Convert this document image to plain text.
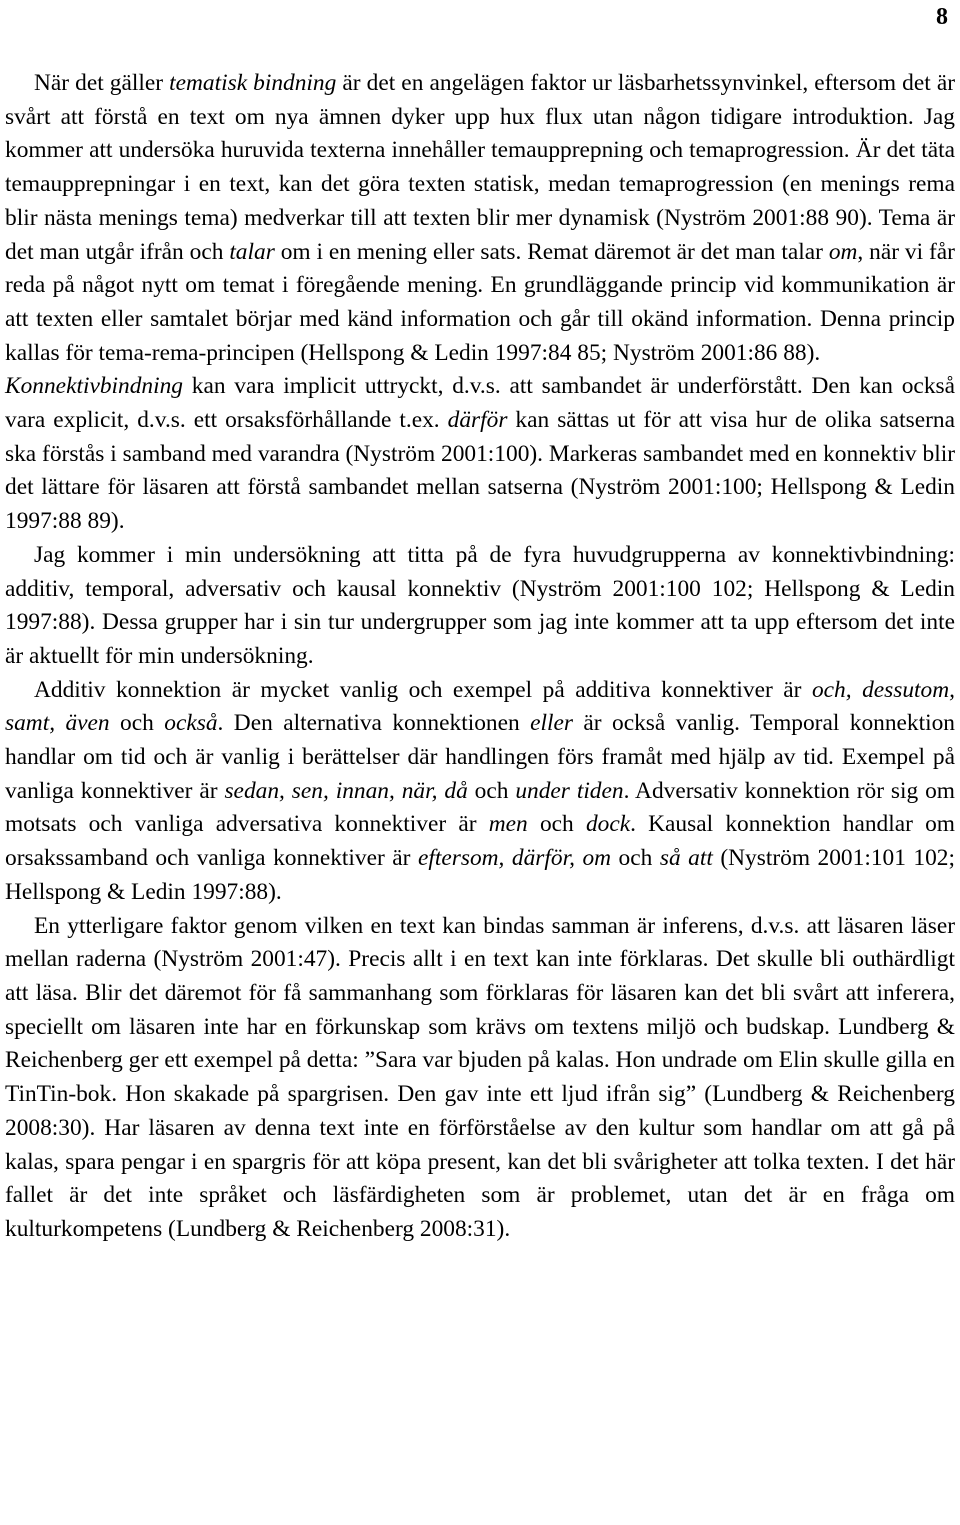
8

När det gäller tematisk bindning är det en angelägen faktor ur läsbarhetssynvinkel, eftersom det är svårt att förstå en text om nya ämnen dyker upp hux flux utan någon tidigare introduktion. Jag kommer att undersöka huruvida texterna innehåller temaupprepning och temaprogression. Är det täta temaupprepningar i en text, kan det göra texten statisk, medan temaprogression (en menings rema blir nästa menings tema) medverkar till att texten blir mer dynamisk (Nyström 2001:88 90). Tema är det man utgår ifrån och talar om i en mening eller sats. Remat däremot är det man talar om, när vi får reda på något nytt om temat i föregående mening. En grundläggande princip vid kommunikation är att texten eller samtalet börjar med känd information och går till okänd information. Denna princip kallas för tema-rema-principen (Hellspong & Ledin 1997:84 85; Nyström 2001:86 88).

Konnektivbindning kan vara implicit uttryckt, d.v.s. att sambandet är underförstått. Den kan också vara explicit, d.v.s. ett orsaksförhållande t.ex. därför kan sättas ut för att visa hur de olika satserna ska förstås i samband med varandra (Nyström 2001:100). Markeras sambandet med en konnektiv blir det lättare för läsaren att förstå sambandet mellan satserna (Nyström 2001:100; Hellspong & Ledin 1997:88 89).

Jag kommer i min undersökning att titta på de fyra huvudgrupperna av konnektivbindning: additiv, temporal, adversativ och kausal konnektiv (Nyström 2001:100 102; Hellspong & Ledin 1997:88). Dessa grupper har i sin tur undergrupper som jag inte kommer att ta upp eftersom det inte är aktuellt för min undersökning.

Additiv konnektion är mycket vanlig och exempel på additiva konnektiver är och, dessutom, samt, även och också. Den alternativa konnektionen eller är också vanlig. Temporal konnektion handlar om tid och är vanlig i berättelser där handlingen förs framåt med hjälp av tid. Exempel på vanliga konnektiver är sedan, sen, innan, när, då och under tiden. Adversativ konnektion rör sig om motsats och vanliga adversativa konnektiver är men och dock. Kausal konnektion handlar om orsakssamband och vanliga konnektiver är eftersom, därför, om och så att (Nyström 2001:101 102; Hellspong & Ledin 1997:88).

En ytterligare faktor genom vilken en text kan bindas samman är inferens, d.v.s. att läsaren läser mellan raderna (Nyström 2001:47). Precis allt i en text kan inte förklaras. Det skulle bli outhärdligt att läsa. Blir det däremot för få sammanhang som förklaras för läsaren kan det bli svårt att inferera, speciellt om läsaren inte har en förkunskap som krävs om textens miljö och budskap. Lundberg & Reichenberg ger ett exempel på detta: ”Sara var bjuden på kalas. Hon undrade om Elin skulle gilla en TinTin-bok. Hon skakade på spargrisen. Den gav inte ett ljud ifrån sig” (Lundberg & Reichenberg 2008:30). Har läsaren av denna text inte en förförståelse av den kultur som handlar om att gå på kalas, spara pengar i en spargris för att köpa present, kan det bli svårigheter att tolka texten. I det här fallet är det inte språket och läsfärdigheten som är problemet, utan det är en fråga om kulturkompetens (Lundberg & Reichenberg 2008:31).
